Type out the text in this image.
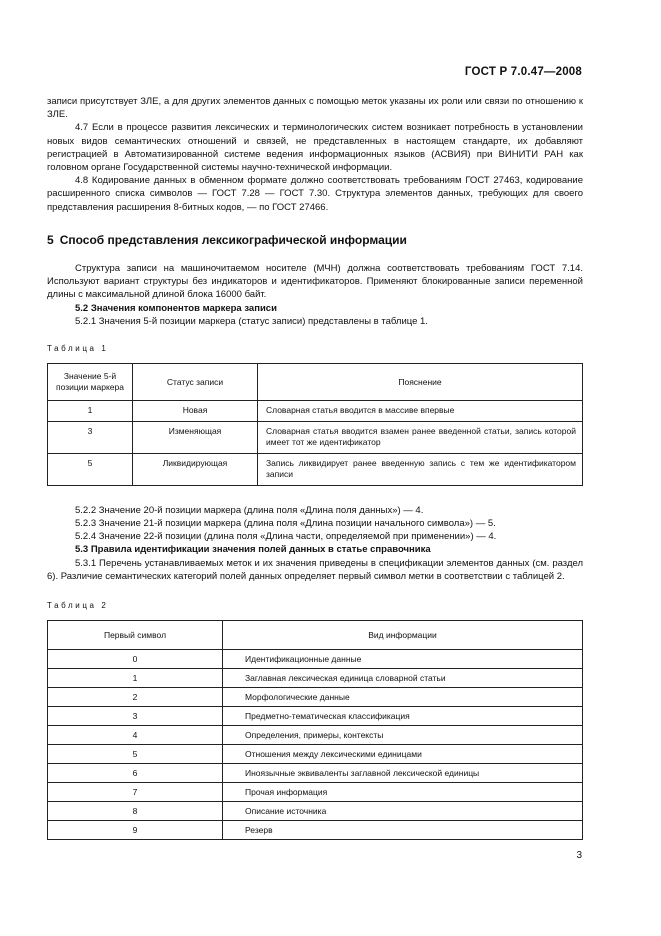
ГОСТ Р 7.0.47—2008

записи присутствует ЗЛЕ, а для других элементов данных с помощью меток указаны их роли или связи по отношению к ЗЛЕ.

4.7 Если в процессе развития лексических и терминологических систем возникает потребность в установлении новых видов семантических отношений и связей, не представленных в настоящем стандарте, их добавляют регистрацией в Автоматизированной системе ведения информационных языков (АСВИЯ) при ВИНИТИ РАН как головном органе Государственной системы научно-технической информации.

4.8 Кодирование данных в обменном формате должно соответствовать требованиям ГОСТ 27463, кодирование расширенного списка символов — ГОСТ 7.28 — ГОСТ 7.30. Структура элементов данных, требующих для своего представления расширения 8-битных кодов, — по ГОСТ 27466.

5 Способ представления лексикографической информации

Структура записи на машиночитаемом носителе (МЧН) должна соответствовать требованиям ГОСТ 7.14. Используют вариант структуры без индикаторов и идентификаторов. Применяют блокированные записи переменной длины с максимальной длиной блока 16000 байт.

5.2 Значения компонентов маркера записи

5.2.1 Значения 5-й позиции маркера (статус записи) представлены в таблице 1.

Таблица 1
Значение 5-й позиции маркера	Статус записи	Пояснение
1	Новая	Словарная статья вводится в массиве впервые
3	Изменяющая	Словарная статья вводится взамен ранее введенной статьи, запись которой имеет тот же идентификатор
5	Ликвидирующая	Запись ликвидирует ранее введенную запись с тем же идентификатором записи

5.2.2 Значение 20-й позиции маркера (длина поля «Длина поля данных») — 4.

5.2.3 Значение 21-й позиции маркера (длина поля «Длина позиции начального символа») — 5.

5.2.4 Значение 22-й позиции (длина поля «Длина части, определяемой при применении») — 4.

5.3 Правила идентификации значения полей данных в статье справочника

5.3.1 Перечень устанавливаемых меток и их значения приведены в спецификации элементов данных (см. раздел 6). Различие семантических категорий полей данных определяет первый символ метки в соответствии с таблицей 2.

Таблица 2
Первый символ	Вид информации
0	Идентификационные данные
1	Заглавная лексическая единица словарной статьи
2	Морфологические данные
3	Предметно-тематическая классификация
4	Определения, примеры, контексты
5	Отношения между лексическими единицами
6	Иноязычные эквиваленты заглавной лексической единицы
7	Прочая информация
8	Описание источника
9	Резерв
3
